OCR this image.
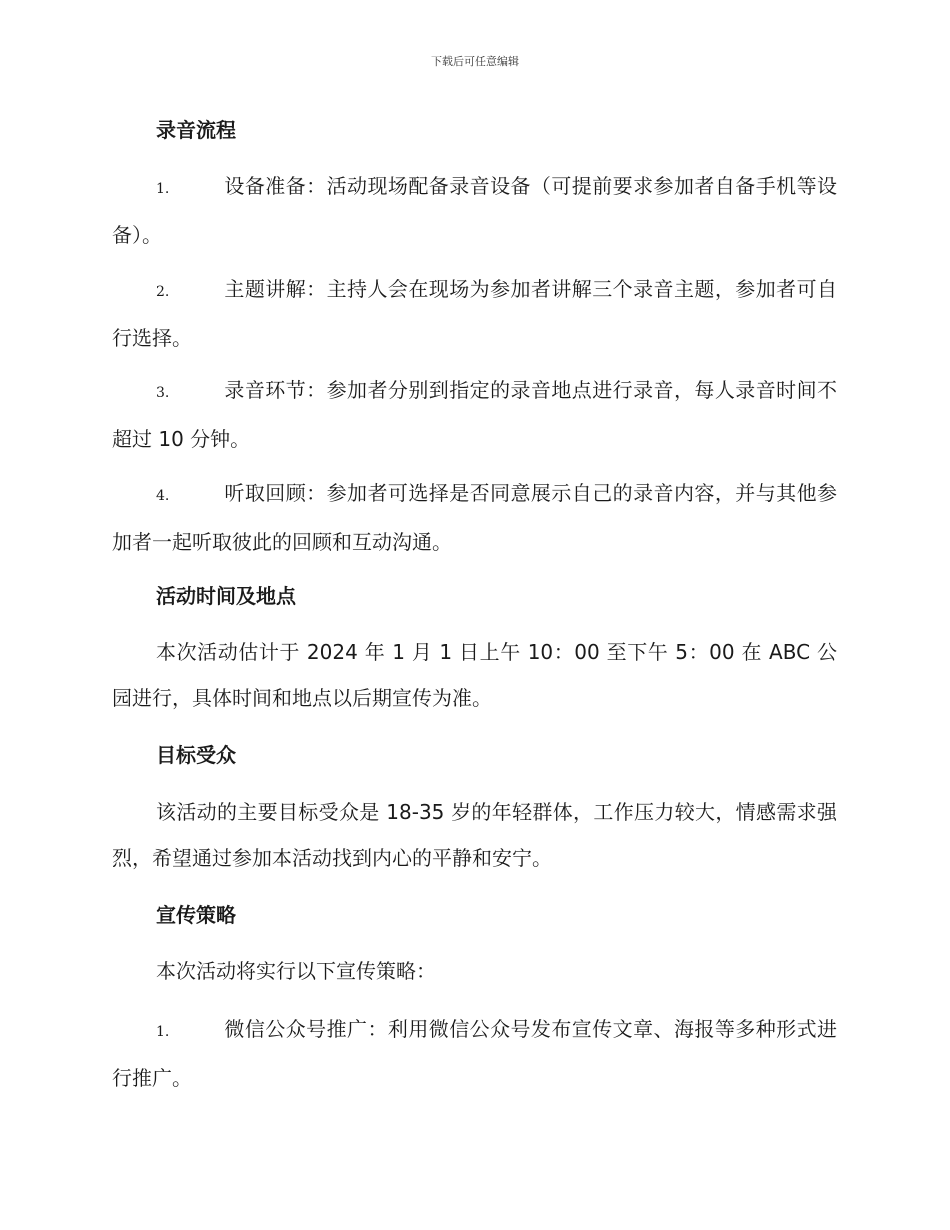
下载后可任意编辑
录音流程

1.	设备准备：活动现场配备录音设备（可提前要求参加者自备手机等设备）。

2.	主题讲解：主持人会在现场为参加者讲解三个录音主题，参加者可自行选择。

3.	录音环节：参加者分别到指定的录音地点进行录音，每人录音时间不超过 10 分钟。

4.	听取回顾：参加者可选择是否同意展示自己的录音内容，并与其他参加者一起听取彼此的回顾和互动沟通。

活动时间及地点

本次活动估计于 2024 年 1 月 1 日上午 10：00 至下午 5：00 在 ABC 公园进行，具体时间和地点以后期宣传为准。

目标受众

该活动的主要目标受众是 18-35 岁的年轻群体，工作压力较大，情感需求强烈，希望通过参加本活动找到内心的平静和安宁。

宣传策略

本次活动将实行以下宣传策略：

1.	微信公众号推广：利用微信公众号发布宣传文章、海报等多种形式进行推广。
